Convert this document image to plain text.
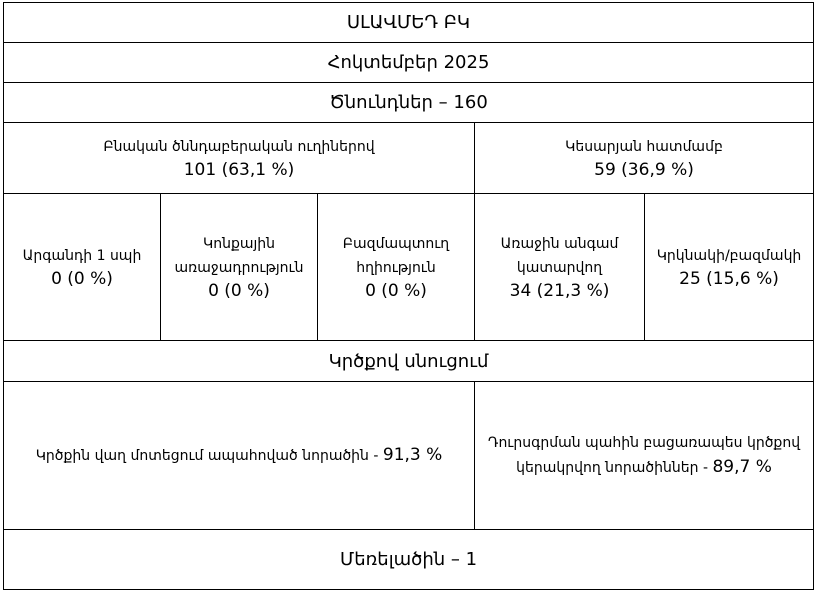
ՍԼԱՎՄԵԴ ԲԿ
Հոկտեմբեր 2025
Ծնունդներ – 160
Բնական ծննդաբերական ուղիներով
101 (63,1 %)
Կեսարյան հատմամբ
59 (36,9 %)
Արգանդի 1 սպի
0 (0 %)
Կոնքային
առաջադրություն
0 (0 %)
Բազմապտուղ
հղիություն
0 (0 %)
Առաջին անգամ
կատարվող
34 (21,3 %)
Կրկնակի/բազմակի
25 (15,6 %)
Կրծքով սնուցում
Կրծքին վաղ մոտեցում ապահոված նորածին - 91,3 %
Դուրսգրման պահին բացառապես կրծքով
կերակրվող նորածիններ - 89,7 %
Մեռելածին – 1
